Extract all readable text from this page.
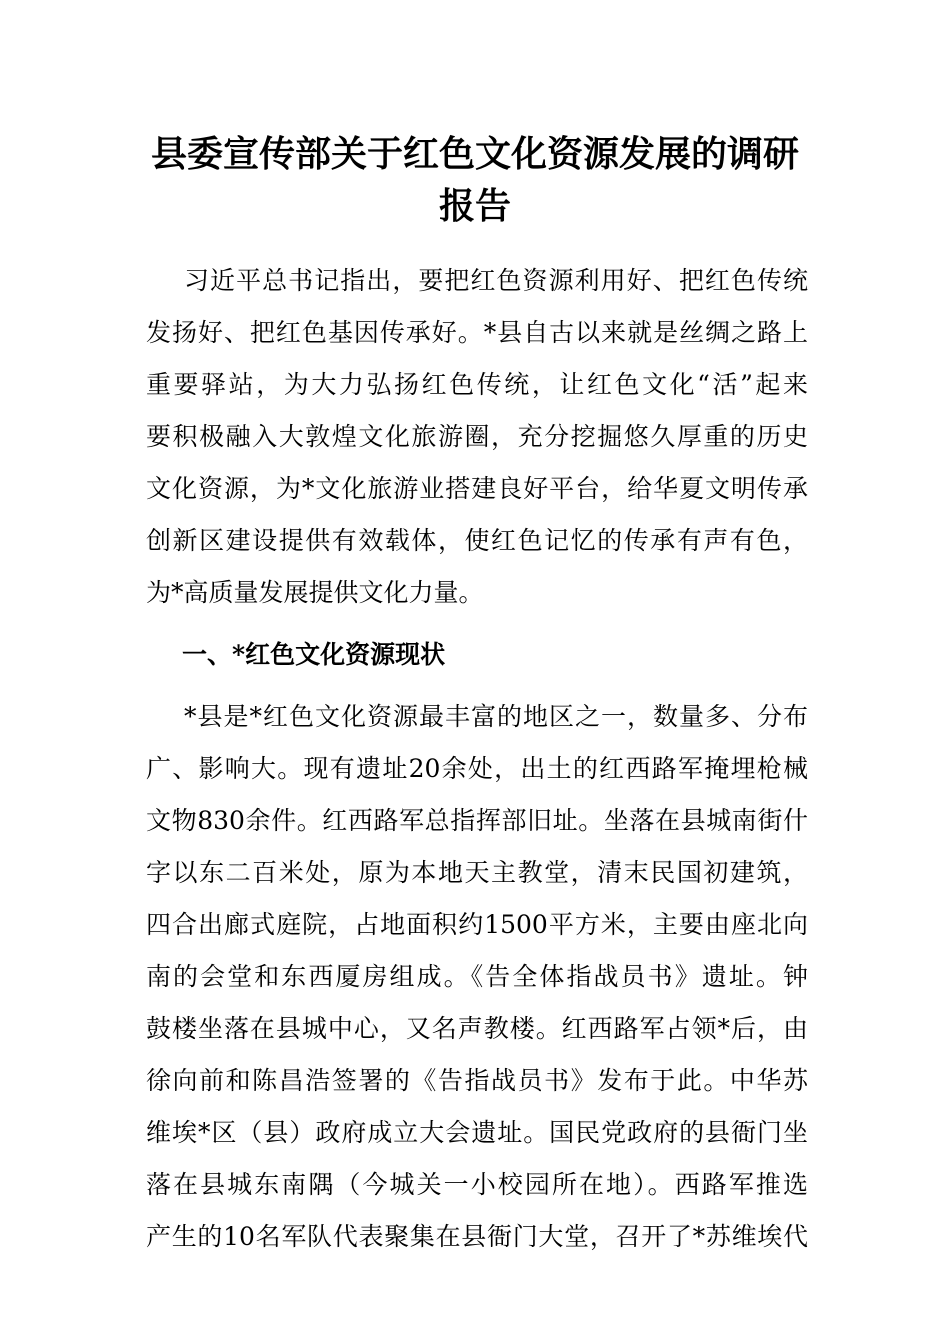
县委宣传部关于红色文化资源发展的调研
报告
习近平总书记指出，要把红色资源利用好、把红色传统
发扬好、把红色基因传承好。*县自古以来就是丝绸之路上
重要驿站，为大力弘扬红色传统，让红色文化“活”起来
要积极融入大敦煌文化旅游圈，充分挖掘悠久厚重的历史
文化资源，为*文化旅游业搭建良好平台，给华夏文明传承
创新区建设提供有效载体，使红色记忆的传承有声有色，
为*高质量发展提供文化力量。
一、*红色文化资源现状
*县是*红色文化资源最丰富的地区之一，数量多、分布
广、影响大。现有遗址20余处，出土的红西路军掩埋枪械
文物830余件。红西路军总指挥部旧址。坐落在县城南街什
字以东二百米处，原为本地天主教堂，清末民国初建筑，
四合出廊式庭院，占地面积约1500平方米，主要由座北向
南的会堂和东西厦房组成。《告全体指战员书》遗址。钟
鼓楼坐落在县城中心，又名声教楼。红西路军占领*后，由
徐向前和陈昌浩签署的《告指战员书》发布于此。中华苏
维埃*区（县）政府成立大会遗址。国民党政府的县衙门坐
落在县城东南隅（今城关一小校园所在地）。西路军推选
产生的10名军队代表聚集在县衙门大堂，召开了*苏维埃代
